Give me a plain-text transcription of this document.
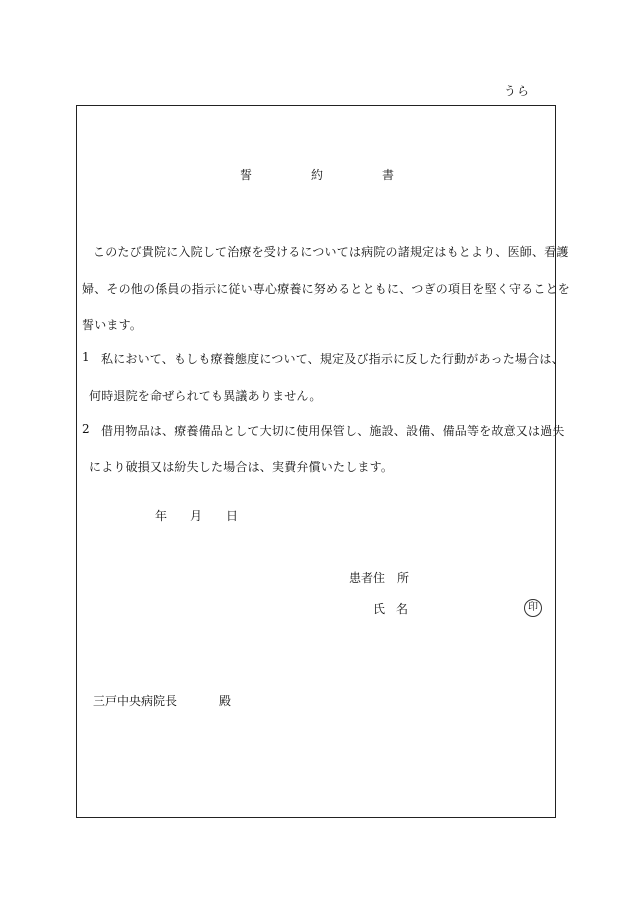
うら
誓	約	書
このたび貴院に入院して治療を受けるについては病院の諸規定はもとより、医師、看護
婦、その他の係員の指示に従い専心療養に努めるとともに、つぎの項目を堅く守ることを
誓います。
1 私において、もしも療養態度について、規定及び指示に反した行動があった場合は、
何時退院を命ぜられても異議ありません。
2 借用物品は、療養備品として大切に使用保管し、施設、設備、備品等を故意又は過失
により破損又は紛失した場合は、実費弁償いたします。
年 月 日
患者住　所
氏 名	印
三戸中央病院長	殿
